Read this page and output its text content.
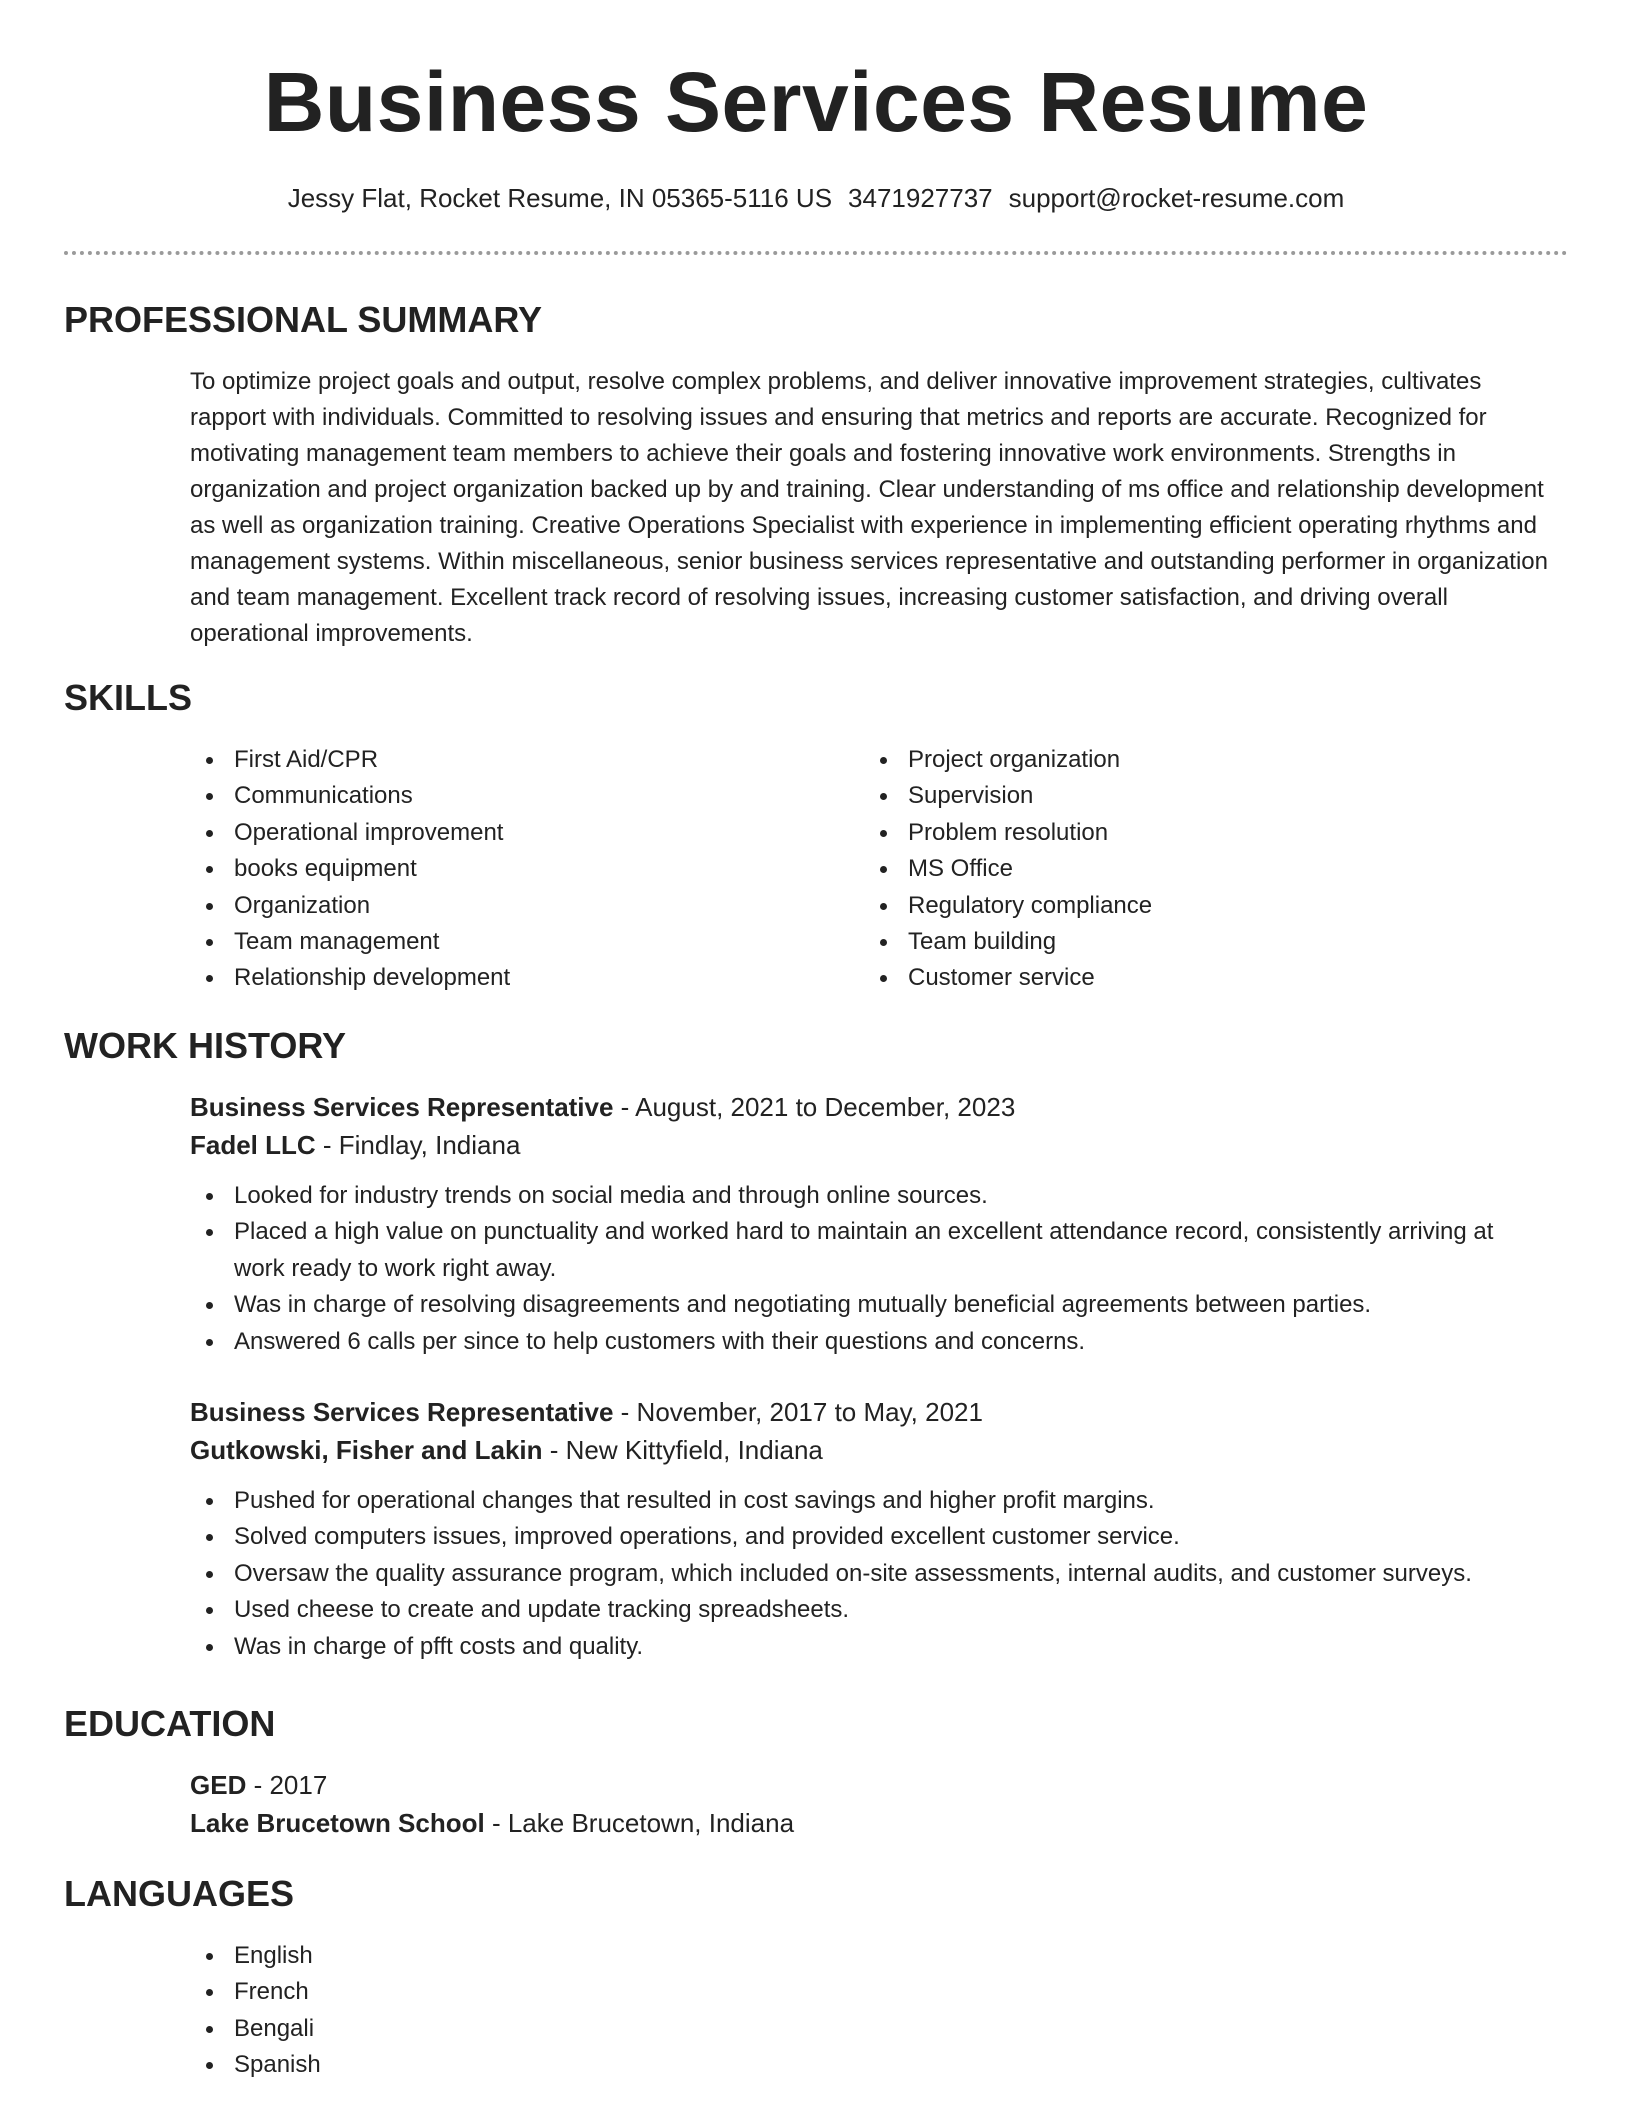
Business Services Resume
Jessy Flat, Rocket Resume, IN 05365-5116 US 3471927737 support@rocket-resume.com
PROFESSIONAL SUMMARY

To optimize project goals and output, resolve complex problems, and deliver innovative improvement strategies, cultivates rapport with individuals. Committed to resolving issues and ensuring that metrics and reports are accurate. Recognized for motivating management team members to achieve their goals and fostering innovative work environments. Strengths in organization and project organization backed up by and training. Clear understanding of ms office and relationship development as well as organization training. Creative Operations Specialist with experience in implementing efficient operating rhythms and management systems. Within miscellaneous, senior business services representative and outstanding performer in organization and team management. Excellent track record of resolving issues, increasing customer satisfaction, and driving overall operational improvements.

SKILLS
First Aid/CPR
Communications
Operational improvement
books equipment
Organization
Team management
Relationship development
Project organization
Supervision
Problem resolution
MS Office
Regulatory compliance
Team building
Customer service
WORK HISTORY

Business Services Representative - August, 2021 to December, 2023

Fadel LLC - Findlay, Indiana

Looked for industry trends on social media and through online sources.
Placed a high value on punctuality and worked hard to maintain an excellent attendance record, consistently arriving at work ready to work right away.
Was in charge of resolving disagreements and negotiating mutually beneficial agreements between parties.
Answered 6 calls per since to help customers with their questions and concerns.

Business Services Representative - November, 2017 to May, 2021

Gutkowski, Fisher and Lakin - New Kittyfield, Indiana

Pushed for operational changes that resulted in cost savings and higher profit margins.
Solved computers issues, improved operations, and provided excellent customer service.
Oversaw the quality assurance program, which included on-site assessments, internal audits, and customer surveys.
Used cheese to create and update tracking spreadsheets.
Was in charge of pfft costs and quality.
EDUCATION

GED - 2017

Lake Brucetown School - Lake Brucetown, Indiana

LANGUAGES
English
French
Bengali
Spanish
